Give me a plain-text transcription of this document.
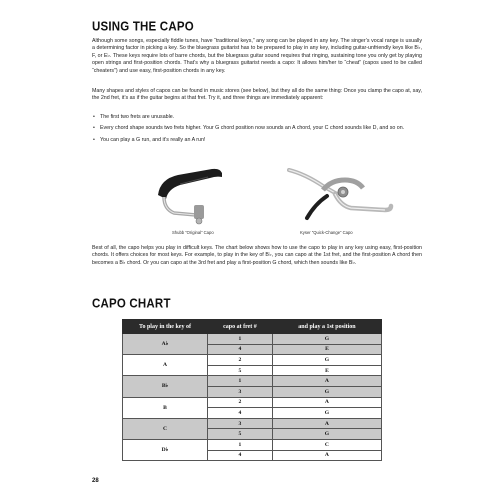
USING THE CAPO

Although some songs, especially fiddle tunes, have “traditional keys,” any song can be played in any key. The singer’s vocal range is usually a determining factor in picking a key. So the bluegrass guitarist has to be prepared to play in any key, including guitar-unfriendly keys like B♭, F, or E♭. These keys require lots of barre chords, but the bluegrass guitar sound requires that ringing, sustaining tone you only get by playing open strings and first-position chords. That’s why a bluegrass guitarist needs a capo: It allows him/her to “cheat” (capos used to be called “cheaters”) and use easy, first-position chords in any key.

Many shapes and styles of capos can be found in music stores (see below), but they all do the same thing: Once you clamp the capo at, say, the 2nd fret, it’s as if the guitar begins at that fret. Try it, and three things are immediately apparent:

• The first two frets are unusable.
• Every chord shape sounds two frets higher. Your G chord position now sounds an A chord, your C chord sounds like D, and so on.
• You can play a G run, and it’s really an A run!
Shubb “Original” Capo	Kyser “Quick-Change” Capo

Best of all, the capo helps you play in difficult keys. The chart below shows how to use the capo to play in any key using easy, first-position chords. It offers choices for most keys. For example, to play in the key of B♭, you can capo at the 1st fret, and the first-position A chord then becomes a B♭ chord. Or you can capo at the 3rd fret and play a first-position G chord, which then sounds like B♭.

CAPO CHART
To play in the key of	capo at fret #	and play a 1st position
A♭	1	G
	4	E
A	2	G
	5	E
B♭	1	A
	3	G
B	2	A
	4	G
C	3	A
	5	G
D♭	1	C
	4	A
28
